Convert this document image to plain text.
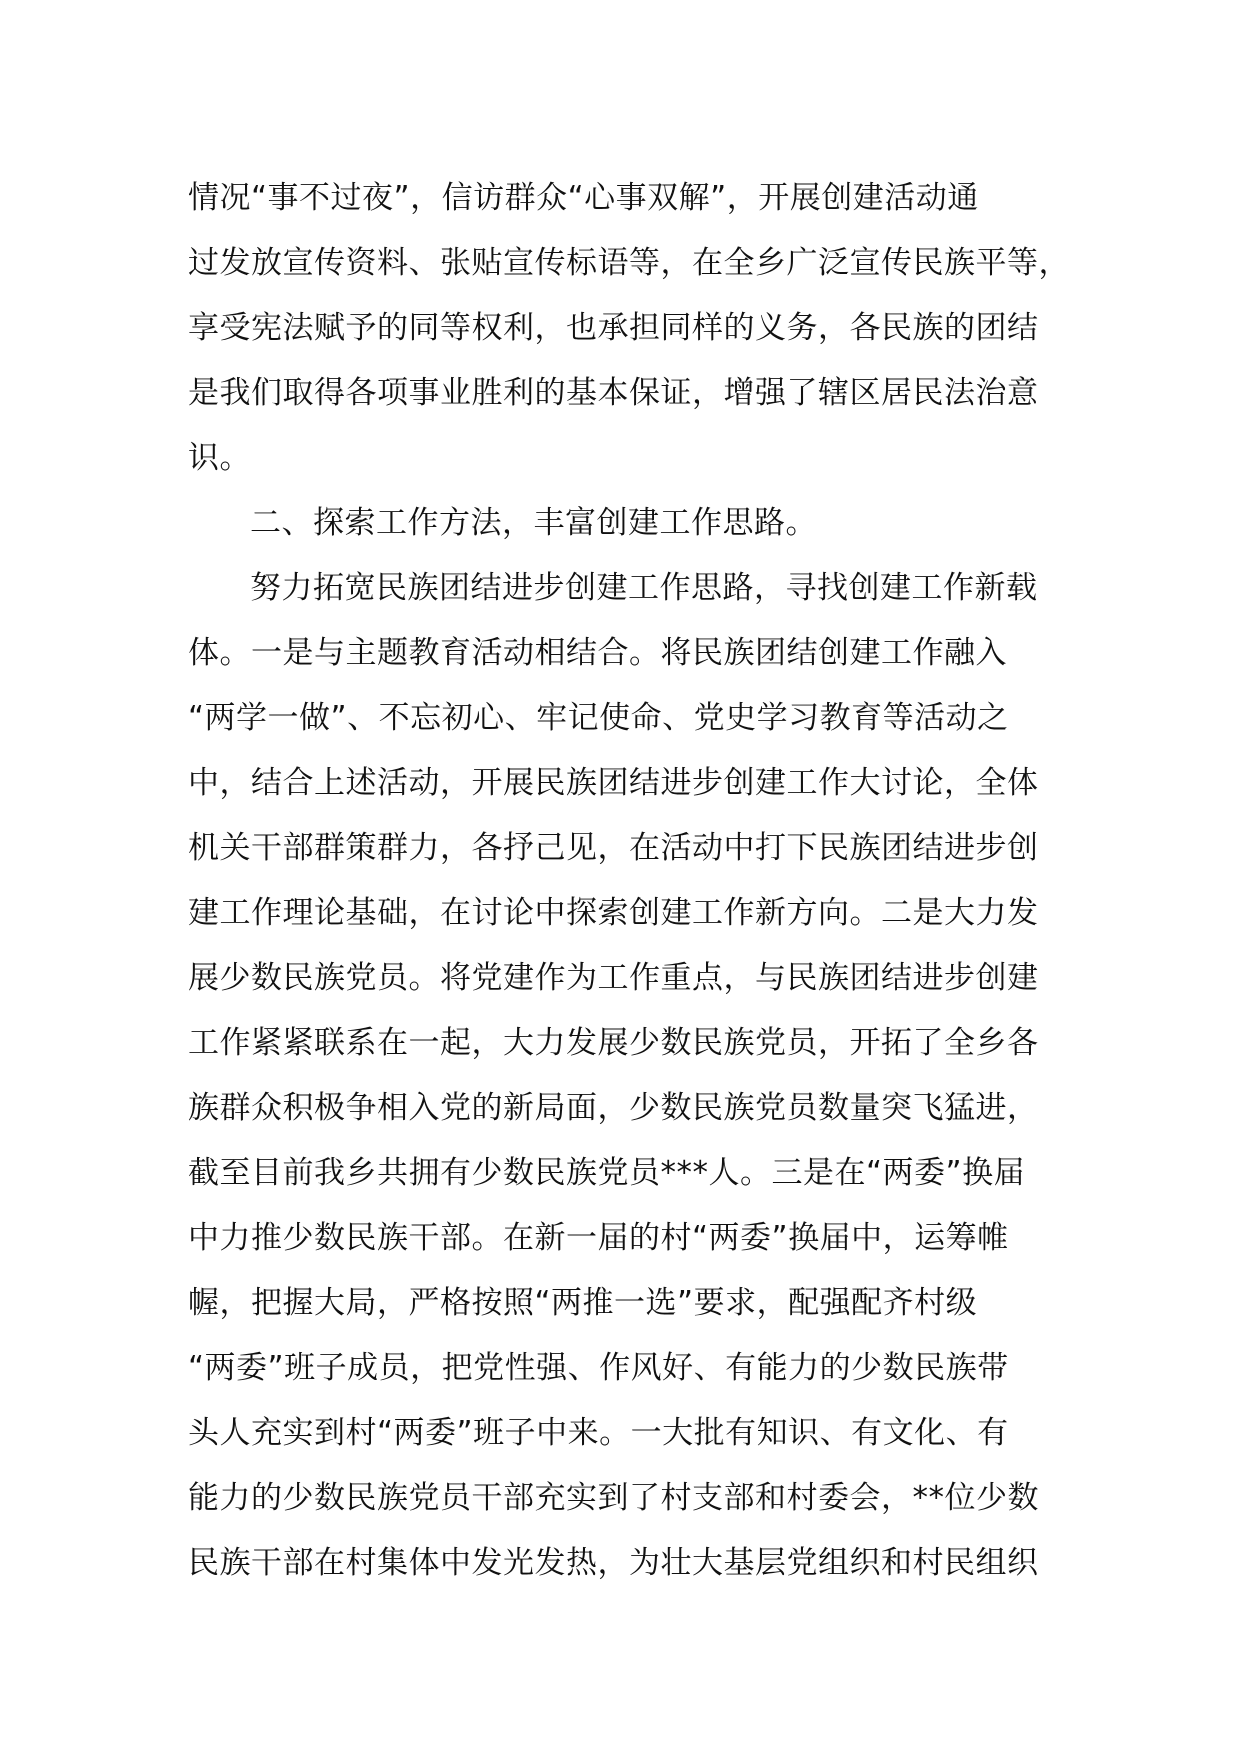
情况“事不过夜”，信访群众“心事双解”，开展创建活动通
过发放宣传资料、张贴宣传标语等，在全乡广泛宣传民族平等，
享受宪法赋予的同等权利，也承担同样的义务，各民族的团结
是我们取得各项事业胜利的基本保证，增强了辖区居民法治意
识。
二、探索工作方法，丰富创建工作思路。
努力拓宽民族团结进步创建工作思路，寻找创建工作新载
体。一是与主题教育活动相结合。将民族团结创建工作融入
“两学一做”、不忘初心、牢记使命、党史学习教育等活动之
中，结合上述活动，开展民族团结进步创建工作大讨论，全体
机关干部群策群力，各抒己见，在活动中打下民族团结进步创
建工作理论基础，在讨论中探索创建工作新方向。二是大力发
展少数民族党员。将党建作为工作重点，与民族团结进步创建
工作紧紧联系在一起，大力发展少数民族党员，开拓了全乡各
族群众积极争相入党的新局面，少数民族党员数量突飞猛进，
截至目前我乡共拥有少数民族党员***人。三是在“两委”换届
中力推少数民族干部。在新一届的村“两委”换届中，运筹帷
幄，把握大局，严格按照“两推一选”要求，配强配齐村级
“两委”班子成员，把党性强、作风好、有能力的少数民族带
头人充实到村“两委”班子中来。一大批有知识、有文化、有
能力的少数民族党员干部充实到了村支部和村委会，**位少数
民族干部在村集体中发光发热，为壮大基层党组织和村民组织
